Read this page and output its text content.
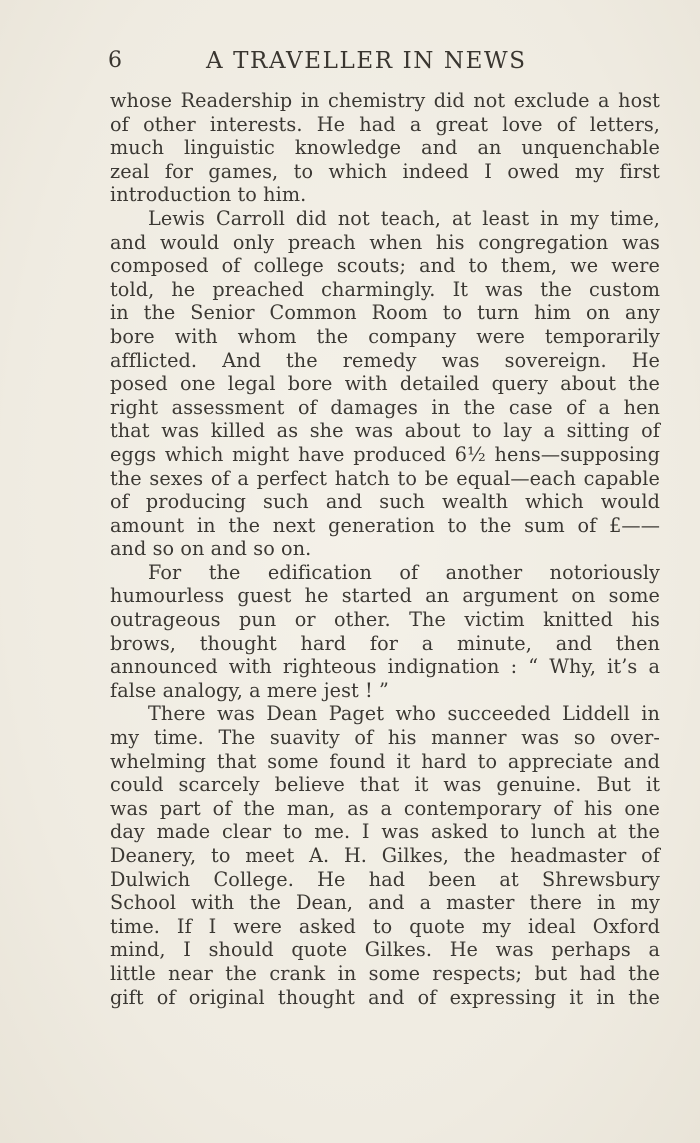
6	A TRAVELLER IN NEWS
whose Readership in chemistry did not exclude a host
of other interests. He had a great love of letters,
much linguistic knowledge and an unquenchable
zeal for games, to which indeed I owed my first
introduction to him.
Lewis Carroll did not teach, at least in my time,
and would only preach when his congregation was
composed of college scouts; and to them, we were
told, he preached charmingly. It was the custom
in the Senior Common Room to turn him on any
bore with whom the company were temporarily
afflicted. And the remedy was sovereign. He
posed one legal bore with detailed query about the
right assessment of damages in the case of a hen
that was killed as she was about to lay a sitting of
eggs which might have produced 6½ hens—supposing
the sexes of a perfect hatch to be equal—each capable
of producing such and such wealth which would
amount in the next generation to the sum of £——
and so on and so on.
For the edification of another notoriously
humourless guest he started an argument on some
outrageous pun or other. The victim knitted his
brows, thought hard for a minute, and then
announced with righteous indignation : “ Why, it’s a
false analogy, a mere jest ! ”
There was Dean Paget who succeeded Liddell in
my time. The suavity of his manner was so over-
whelming that some found it hard to appreciate and
could scarcely believe that it was genuine. But it
was part of the man, as a contemporary of his one
day made clear to me. I was asked to lunch at the
Deanery, to meet A. H. Gilkes, the headmaster of
Dulwich College. He had been at Shrewsbury
School with the Dean, and a master there in my
time. If I were asked to quote my ideal Oxford
mind, I should quote Gilkes. He was perhaps a
little near the crank in some respects; but had the
gift of original thought and of expressing it in the
